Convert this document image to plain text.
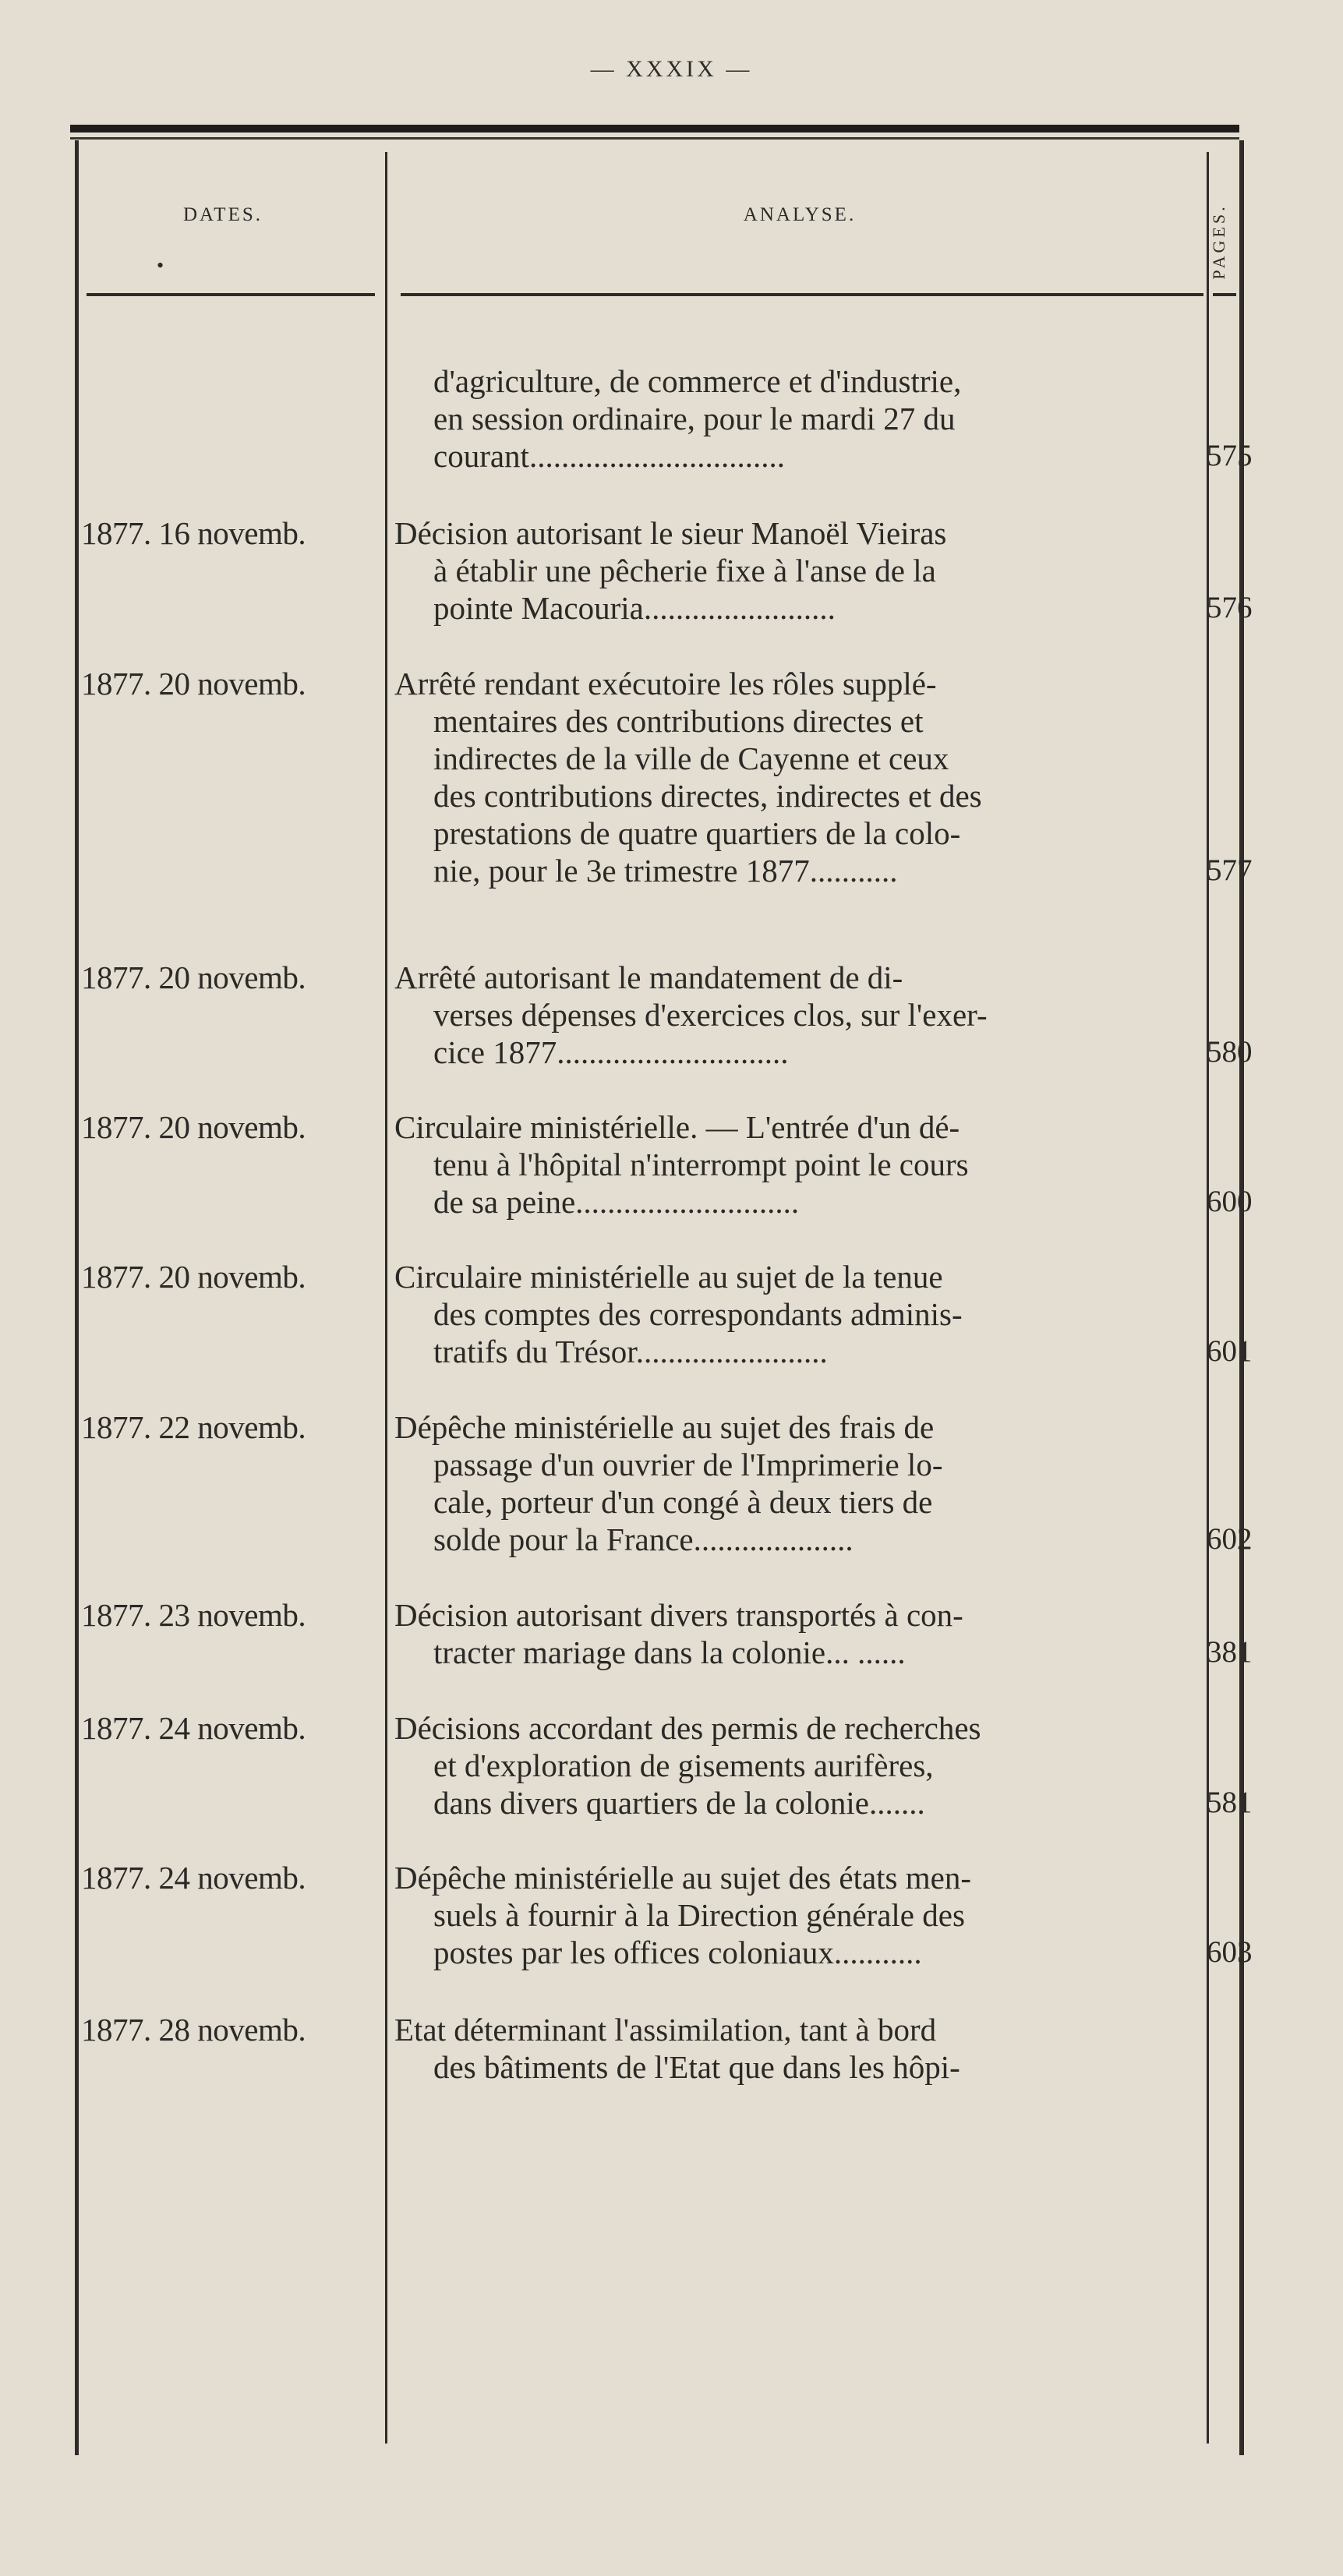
— XXXIX —
DATES.	ANALYSE.	PAGES.
•
d'agriculture, de commerce et d'industrie,
en session ordinaire, pour le mardi 27 du
courant................................	575
1877. 16 novemb.	Décision autorisant le sieur Manoël Vieiras
à établir une pêcherie fixe à l'anse de la
pointe Macouria........................	576
1877. 20 novemb.	Arrêté rendant exécutoire les rôles supplé-
mentaires des contributions directes et
indirectes de la ville de Cayenne et ceux
des contributions directes, indirectes et des
prestations de quatre quartiers de la colo-
nie, pour le 3e trimestre 1877...........	577
1877. 20 novemb.	Arrêté autorisant le mandatement de di-
verses dépenses d'exercices clos, sur l'exer-
cice 1877.............................	580
1877. 20 novemb.	Circulaire ministérielle. — L'entrée d'un dé-
tenu à l'hôpital n'interrompt point le cours
de sa peine............................	600
1877. 20 novemb.	Circulaire ministérielle au sujet de la tenue
des comptes des correspondants adminis-
tratifs du Trésor........................	601
1877. 22 novemb.	Dépêche ministérielle au sujet des frais de
passage d'un ouvrier de l'Imprimerie lo-
cale, porteur d'un congé à deux tiers de
solde pour la France....................	602
1877. 23 novemb.	Décision autorisant divers transportés à con-
tracter mariage dans la colonie... ......	381
1877. 24 novemb.	Décisions accordant des permis de recherches
et d'exploration de gisements aurifères,
dans divers quartiers de la colonie.......	581
1877. 24 novemb.	Dépêche ministérielle au sujet des états men-
suels à fournir à la Direction générale des
postes par les offices coloniaux...........	603
1877. 28 novemb.	Etat déterminant l'assimilation, tant à bord
des bâtiments de l'Etat que dans les hôpi-
